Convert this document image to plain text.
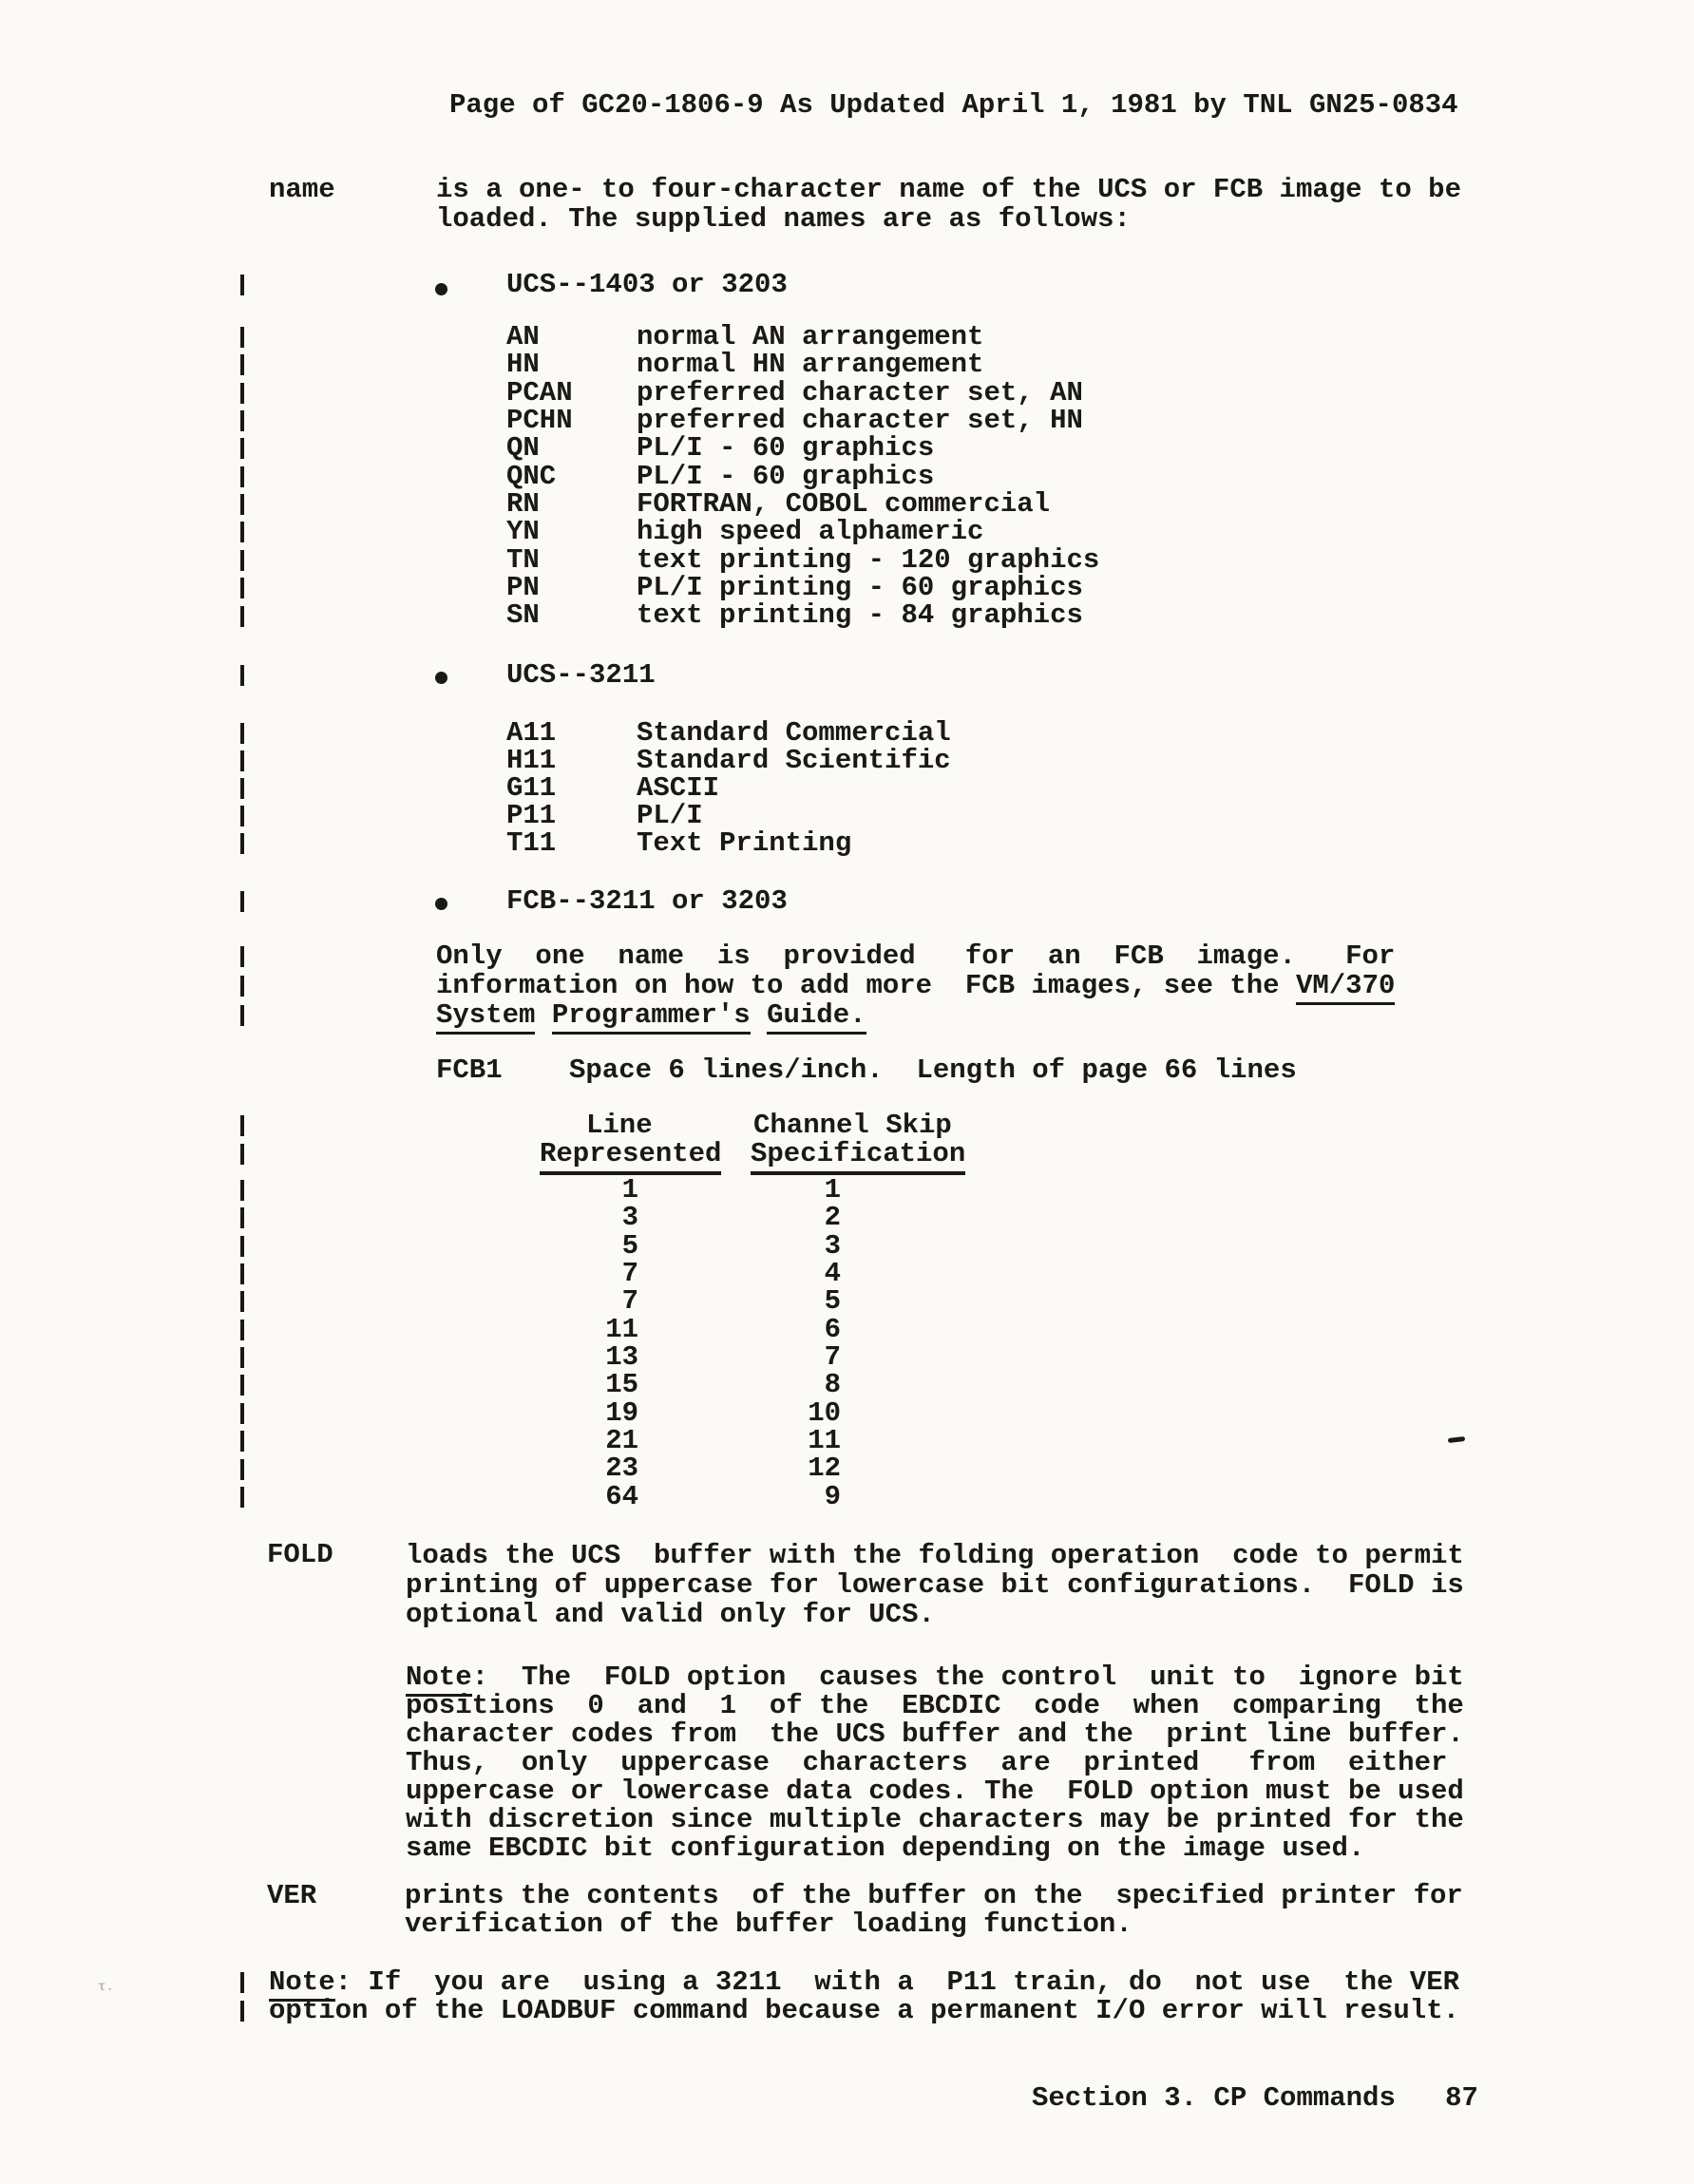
Page of GC20-1806-9 As Updated April 1, 1981 by TNL GN25-0834
name	is a one- to four-character name of the UCS or FCB image to be
loaded. The supplied names are as follows:
UCS--1403 or 3203
AN	normal AN arrangement
HN	normal HN arrangement
PCAN preferred character set, AN
PCHN preferred character set, HN
QN	PL/I - 60 graphics
QNC	PL/I - 60 graphics
RN	FORTRAN, COBOL commercial
YN	high speed alphameric
TN	text printing - 120 graphics
PN	PL/I printing - 60 graphics
SN	text printing - 84 graphics
UCS--3211
A11	Standard Commercial
H11	Standard Scientific
G11	ASCII
P11	PL/I
T11	Text Printing
FCB--3211 or 3203
Only  one  name  is  provided   for  an  FCB  image.   For
information on how to add more  FCB images, see the VM/370
System Programmer's Guide.
FCB1 Space 6 lines/inch.  Length of page 66 lines
Line	Channel Skip
Represented Specification
1	1
3	2
5	3
7	4
7	5
11	6
13	7
15	8
19	10
21	11
23	12
64	9
FOLD	loads the UCS  buffer with the folding operation  code to permit
printing of uppercase for lowercase bit configurations.  FOLD is
optional and valid only for UCS.
Note:  The  FOLD option  causes the control  unit to  ignore bit
positions  0  and  1  of the  EBCDIC  code  when  comparing  the
character codes from  the UCS buffer and the  print line buffer.
Thus,  only  uppercase  characters  are  printed   from  either
uppercase or lowercase data codes. The  FOLD option must be used
with discretion since multiple characters may be printed for the
same EBCDIC bit configuration depending on the image used.
VER	prints the contents  of the buffer on the  specified printer for
verification of the buffer loading function.
Note: If  you are  using a 3211  with a  P11 train, do  not use  the VER
option of the LOADBUF command because a permanent I/O error will result.
Section 3. CP Commands   87
τ.
